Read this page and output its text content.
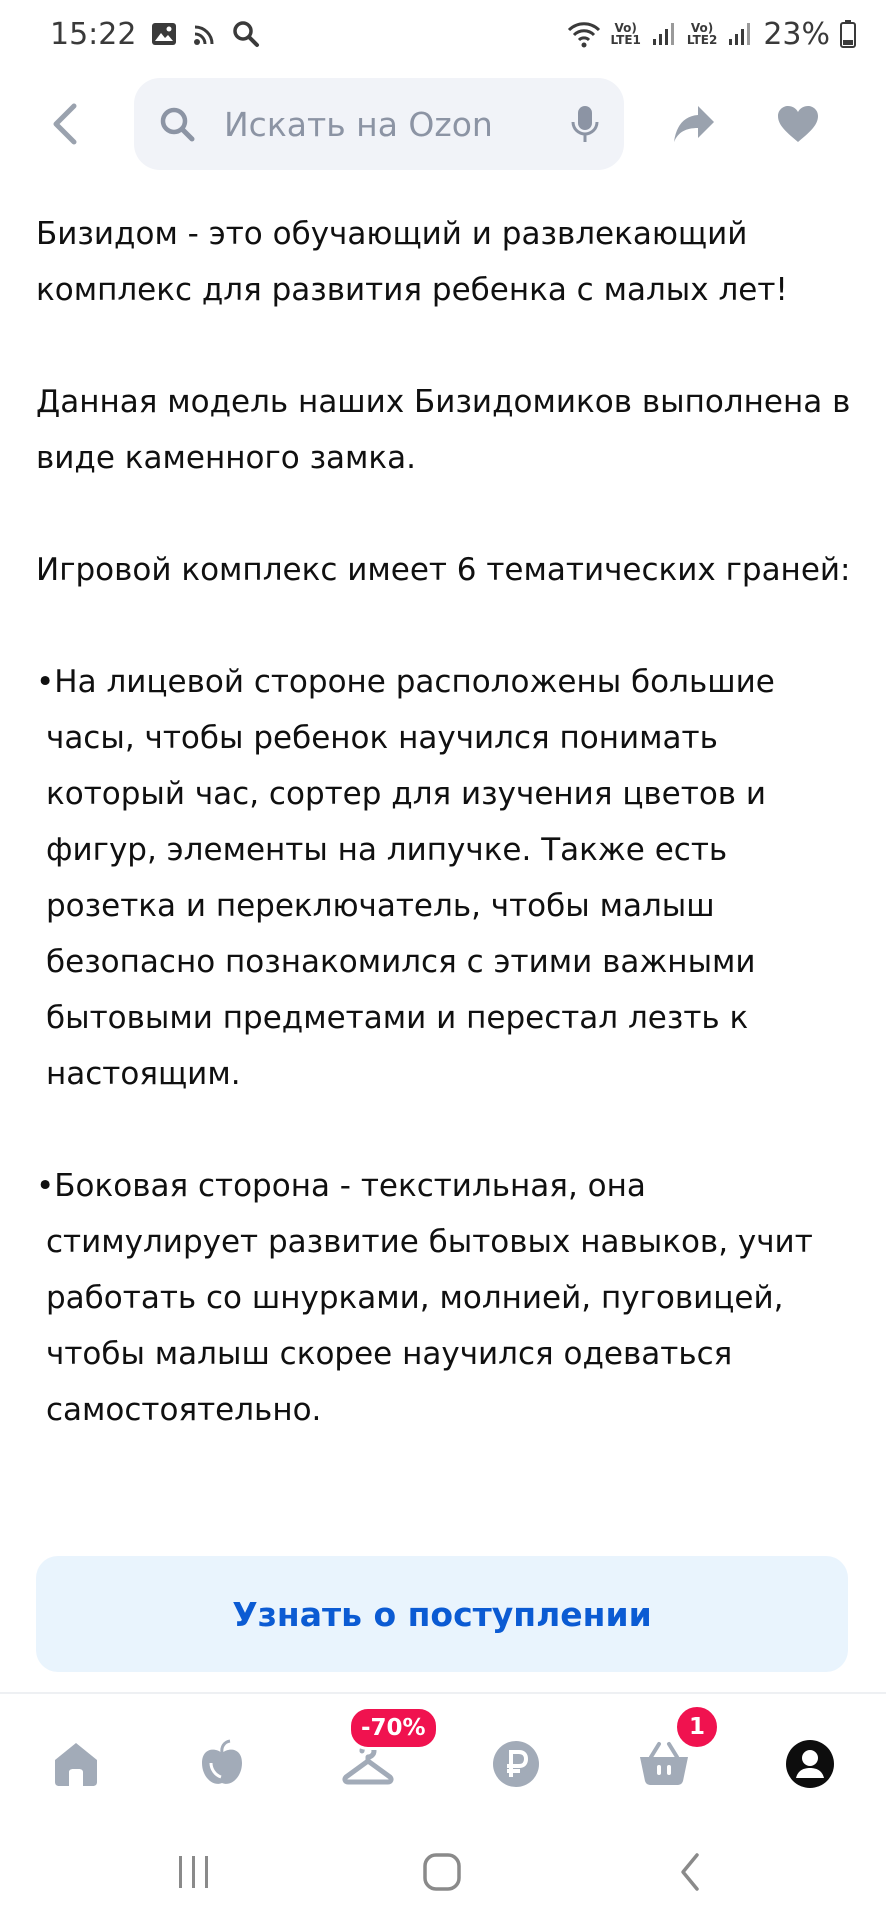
15:22	Vo)
LTE1
Vo)
LTE2 23%
Искать на Ozon

Бизидом - это обучающий и развлекающий комплекс для развития ребенка с малых лет!

Данная модель наших Бизидомиков выполнена в виде каменного замка.

Игровой комплекс имеет 6 тематических граней:

•На лицевой стороне расположены большие часы, чтобы ребенок научился понимать который час, сортер для изучения цветов и фигур, элементы на липучке. Также есть розетка и переключатель, чтобы малыш безопасно познакомился с этими важными бытовыми предметами и перестал лезть к настоящим.

•Боковая сторона - текстильная, она стимулирует развитие бытовых навыков, учит работать со шнурками, молнией, пуговицей, чтобы малыш скорее научился одеваться самостоятельно.

Узнать о поступлении
-70%	1
